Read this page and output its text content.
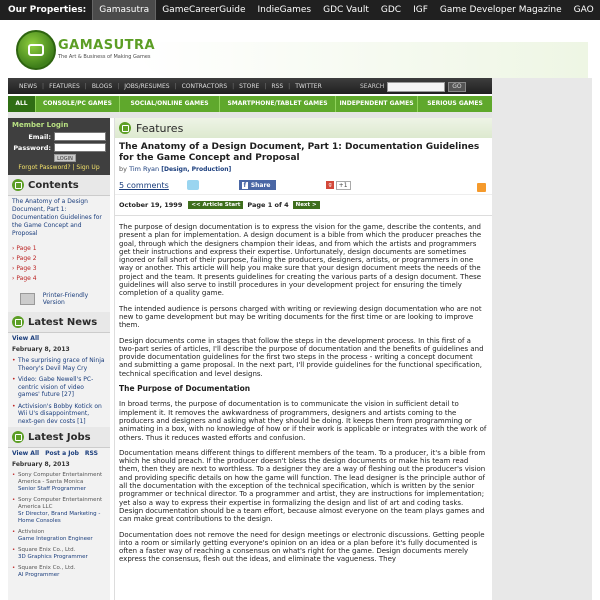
Our Properties:	Gamasutra	GameCareerGuide	IndieGames	GDC Vault	GDC	IGF	Game Developer Magazine	GAO
GAMASUTRA
The Art & Business of Making Games
NEWS | FEATURES | BLOGS | JOBS/RESUMES | CONTRACTORS | STORE | RSS | TWITTER	SEARCH	GO
ALL	CONSOLE/PC GAMES	SOCIAL/ONLINE GAMES	SMARTPHONE/TABLET GAMES	INDEPENDENT GAMES	SERIOUS GAMES
Member Login
Email:
Password:
LOGIN
Forgot Password? | Sign Up
Contents
The Anatomy of a Design Document, Part 1: Documentation Guidelines for the Game Concept and Proposal
› Page 1
› Page 2
› Page 3
› Page 4
Printer-Friendly Version
Latest News
View All
February 8, 2013
• The surprising grace of Ninja Theory's Devil May Cry
• Video: Gabe Newell's PC-centric vision of video games' future [27]
• Activision's Bobby Kotick on Wii U's disappointment, next-gen dev costs [1]
Latest Jobs
View All Post a Job RSS
February 8, 2013
• Sony Computer Entertainment America - Santa Monica
Senior Staff Programmer
• Sony Computer Entertainment America LLC
Sr Director, Brand Marketing - Home Consoles
• Activision
Game Integration Engineer
• Square Enix Co., Ltd.
3D Graphics Programmer
• Square Enix Co., Ltd.
AI Programmer
Features
The Anatomy of a Design Document, Part 1: Documentation Guidelines for the Game Concept and Proposal
by Tim Ryan [Design, Production]
5 comments	f Share	g	+1
October 19, 1999	<< Article Start	Page 1 of 4	Next >

The purpose of design documentation is to express the vision for the game, describe the contents, and present a plan for implementation. A design document is a bible from which the producer preaches the goal, through which the designers champion their ideas, and from which the artists and programmers get their instructions and express their expertise. Unfortunately, design documents are sometimes ignored or fall short of their purpose, failing the producers, designers, artists, or programmers in one way or another. This article will help you make sure that your design document meets the needs of the project and the team. It presents guidelines for creating the various parts of a design document. These guidelines will also serve to instill procedures in your development project for ensuring the timely completion of a quality game.

The intended audience is persons charged with writing or reviewing design documentation who are not new to game development but may be writing documents for the first time or are looking to improve them.

Design documents come in stages that follow the steps in the development process. In this first of a two-part series of articles, I'll describe the purpose of documentation and the benefits of guidelines and provide documentation guidelines for the first two steps in the process - writing a concept document and submitting a game proposal. In the next part, I'll provide guidelines for the functional specification, technical specification and level designs.

The Purpose of Documentation

In broad terms, the purpose of documentation is to communicate the vision in sufficient detail to implement it. It removes the awkwardness of programmers, designers and artists coming to the producers and designers and asking what they should be doing. It keeps them from programming or animating in a box, with no knowledge of how or if their work is applicable or integrates with the work of others. Thus it reduces wasted efforts and confusion.

Documentation means different things to different members of the team. To a producer, it's a bible from which he should preach. If the producer doesn't bless the design documents or make his team read them, then they are next to worthless. To a designer they are a way of fleshing out the producer's vision and providing specific details on how the game will function. The lead designer is the principle author of all the documentation with the exception of the technical specification, which is written by the senior programmer or technical director. To a programmer and artist, they are instructions for implementation; yet also a way to express their expertise in formalizing the design and list of art and coding tasks. Design documentation should be a team effort, because almost everyone on the team plays games and can make great contributions to the design.

Documentation does not remove the need for design meetings or electronic discussions. Getting people into a room or similarly getting everyone's opinion on an idea or a plan before it's fully documented is often a faster way of reaching a consensus on what's right for the game. Design documents merely express the consensus, flesh out the ideas, and eliminate the vagueness. They
